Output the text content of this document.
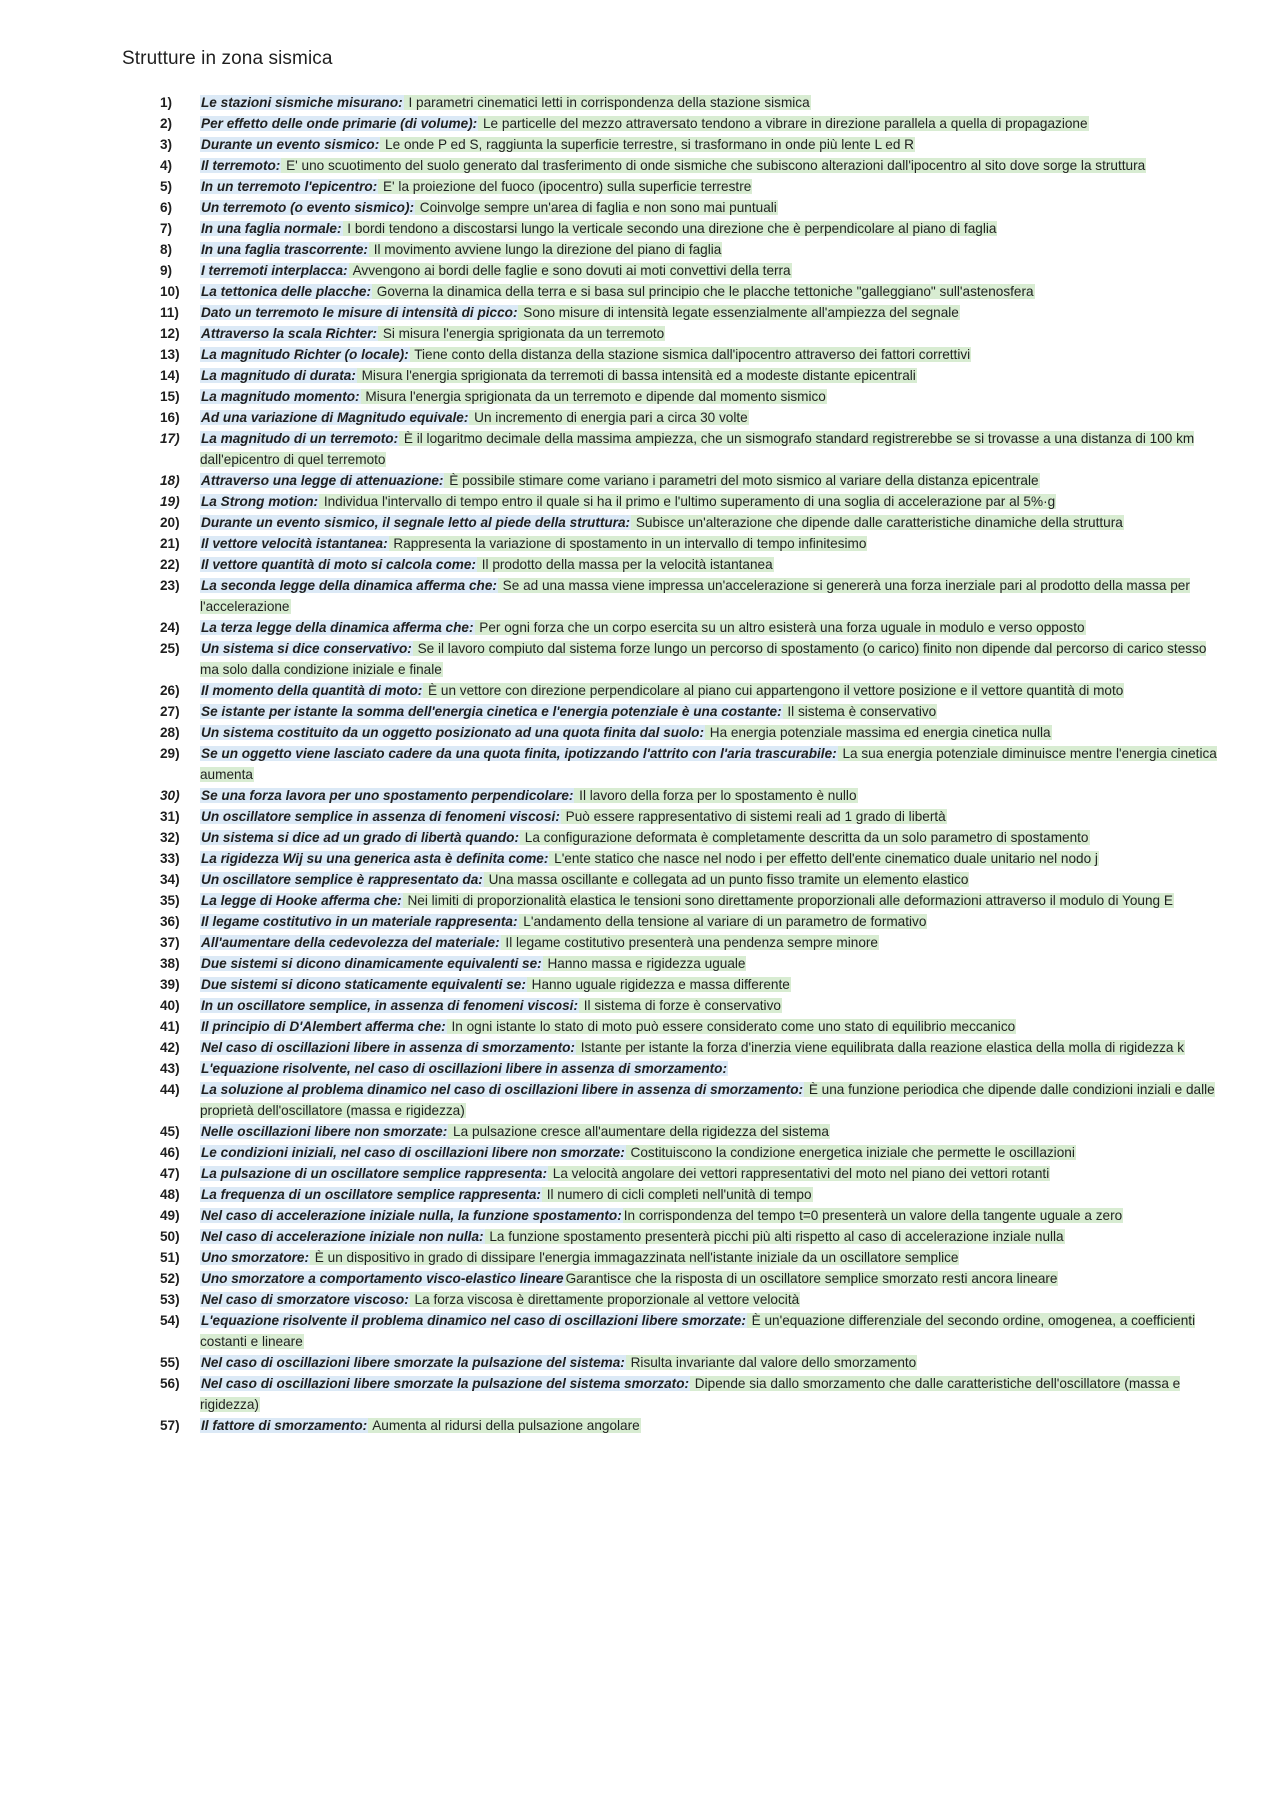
Strutture in zona sismica
1) Le stazioni sismiche misurano: I parametri cinematici letti in corrispondenza della stazione sismica
2) Per effetto delle onde primarie (di volume): Le particelle del mezzo attraversato tendono a vibrare in direzione parallela a quella di propagazione
3) Durante un evento sismico: Le onde P ed S, raggiunta la superficie terrestre, si trasformano in onde più lente L ed R
4) Il terremoto: E' uno scuotimento del suolo generato dal trasferimento di onde sismiche che subiscono alterazioni dall'ipocentro al sito dove sorge la struttura
5) In un terremoto l'epicentro: E' la proiezione del fuoco (ipocentro) sulla superficie terrestre
6) Un terremoto (o evento sismico): Coinvolge sempre un'area di faglia e non sono mai puntuali
7) In una faglia normale: I bordi tendono a discostarsi lungo la verticale secondo una direzione che è perpendicolare al piano di faglia
8) In una faglia trascorrente: Il movimento avviene lungo la direzione del piano di faglia
9) I terremoti interplacca: Avvengono ai bordi delle faglie e sono dovuti ai moti convettivi della terra
10) La tettonica delle placche: Governa la dinamica della terra e si basa sul principio che le placche tettoniche "galleggiano" sull'astenosfera
11) Dato un terremoto le misure di intensità di picco: Sono misure di intensità legate essenzialmente all'ampiezza del segnale
12) Attraverso la scala Richter: Si misura l'energia sprigionata da un terremoto
13) La magnitudo Richter (o locale): Tiene conto della distanza della stazione sismica dall'ipocentro attraverso dei fattori correttivi
14) La magnitudo di durata: Misura l'energia sprigionata da terremoti di bassa intensità ed a modeste distante epicentrali
15) La magnitudo momento: Misura l'energia sprigionata da un terremoto e dipende dal momento sismico
16) Ad una variazione di Magnitudo equivale: Un incremento di energia pari a circa 30 volte
17) La magnitudo di un terremoto: È il logaritmo decimale della massima ampiezza, che un sismografo standard registrerebbe se si trovasse a una distanza di 100 km dall'epicentro di quel terremoto
18) Attraverso una legge di attenuazione: È possibile stimare come variano i parametri del moto sismico al variare della distanza epicentrale
19) La Strong motion: Individua l'intervallo di tempo entro il quale si ha il primo e l'ultimo superamento di una soglia di accelerazione par al 5%·g
20) Durante un evento sismico, il segnale letto al piede della struttura: Subisce un'alterazione che dipende dalle caratteristiche dinamiche della struttura
21) Il vettore velocità istantanea: Rappresenta la variazione di spostamento in un intervallo di tempo infinitesimo
22) Il vettore quantità di moto si calcola come: Il prodotto della massa per la velocità istantanea
23) La seconda legge della dinamica afferma che: Se ad una massa viene impressa un'accelerazione si genererà una forza inerziale pari al prodotto della massa per l'accelerazione
24) La terza legge della dinamica afferma che: Per ogni forza che un corpo esercita su un altro esisterà una forza uguale in modulo e verso opposto
25) Un sistema si dice conservativo: Se il lavoro compiuto dal sistema forze lungo un percorso di spostamento (o carico) finito non dipende dal percorso di carico stesso ma solo dalla condizione iniziale e finale
26) Il momento della quantità di moto: È un vettore con direzione perpendicolare al piano cui appartengono il vettore posizione e il vettore quantità di moto
27) Se istante per istante la somma dell'energia cinetica e l'energia potenziale è una costante: Il sistema è conservativo
28) Un sistema costituito da un oggetto posizionato ad una quota finita dal suolo: Ha energia potenziale massima ed energia cinetica nulla
29) Se un oggetto viene lasciato cadere da una quota finita, ipotizzando l'attrito con l'aria trascurabile: La sua energia potenziale diminuisce mentre l'energia cinetica aumenta
30) Se una forza lavora per uno spostamento perpendicolare: Il lavoro della forza per lo spostamento è nullo
31) Un oscillatore semplice in assenza di fenomeni viscosi: Può essere rappresentativo di sistemi reali ad 1 grado di libertà
32) Un sistema si dice ad un grado di libertà quando: La configurazione deformata è completamente descritta da un solo parametro di spostamento
33) La rigidezza Wij su una generica asta è definita come: L'ente statico che nasce nel nodo i per effetto dell'ente cinematico duale unitario nel nodo j
34) Un oscillatore semplice è rappresentato da: Una massa oscillante e collegata ad un punto fisso tramite un elemento elastico
35) La legge di Hooke afferma che: Nei limiti di proporzionalità elastica le tensioni sono direttamente proporzionali alle deformazioni attraverso il modulo di Young E
36) Il legame costitutivo in un materiale rappresenta: L'andamento della tensione al variare di un parametro de formativo
37) All'aumentare della cedevolezza del materiale: Il legame costitutivo presenterà una pendenza sempre minore
38) Due sistemi si dicono dinamicamente equivalenti se: Hanno massa e rigidezza uguale
39) Due sistemi si dicono staticamente equivalenti se: Hanno uguale rigidezza e massa differente
40) In un oscillatore semplice, in assenza di fenomeni viscosi: Il sistema di forze è conservativo
41) Il principio di D'Alembert afferma che: In ogni istante lo stato di moto può essere considerato come uno stato di equilibrio meccanico
42) Nel caso di oscillazioni libere in assenza di smorzamento: Istante per istante la forza d'inerzia viene equilibrata dalla reazione elastica della molla di rigidezza k
43) L'equazione risolvente, nel caso di oscillazioni libere in assenza di smorzamento:
44) La soluzione al problema dinamico nel caso di oscillazioni libere in assenza di smorzamento: È una funzione periodica che dipende dalle condizioni inziali e dalle proprietà dell'oscillatore (massa e rigidezza)
45) Nelle oscillazioni libere non smorzate: La pulsazione cresce all'aumentare della rigidezza del sistema
46) Le condizioni iniziali, nel caso di oscillazioni libere non smorzate: Costituiscono la condizione energetica iniziale che permette le oscillazioni
47) La pulsazione di un oscillatore semplice rappresenta: La velocità angolare dei vettori rappresentativi del moto nel piano dei vettori rotanti
48) La frequenza di un oscillatore semplice rappresenta: Il numero di cicli completi nell'unità di tempo
49) Nel caso di accelerazione iniziale nulla, la funzione spostamento: In corrispondenza del tempo t=0 presenterà un valore della tangente uguale a zero
50) Nel caso di accelerazione iniziale non nulla: La funzione spostamento presenterà picchi più alti rispetto al caso di accelerazione inziale nulla
51) Uno smorzatore: È un dispositivo in grado di dissipare l'energia immagazzinata nell'istante iniziale da un oscillatore semplice
52) Uno smorzatore a comportamento visco-elastico lineare Garantisce che la risposta di un oscillatore semplice smorzato resti ancora lineare
53) Nel caso di smorzatore viscoso: La forza viscosa è direttamente proporzionale al vettore velocità
54) L'equazione risolvente il problema dinamico nel caso di oscillazioni libere smorzate: È un'equazione differenziale del secondo ordine, omogenea, a coefficienti costanti e lineare
55) Nel caso di oscillazioni libere smorzate la pulsazione del sistema: Risulta invariante dal valore dello smorzamento
56) Nel caso di oscillazioni libere smorzate la pulsazione del sistema smorzato: Dipende sia dallo smorzamento che dalle caratteristiche dell'oscillatore (massa e rigidezza)
57) Il fattore di smorzamento: Aumenta al ridursi della pulsazione angolare
